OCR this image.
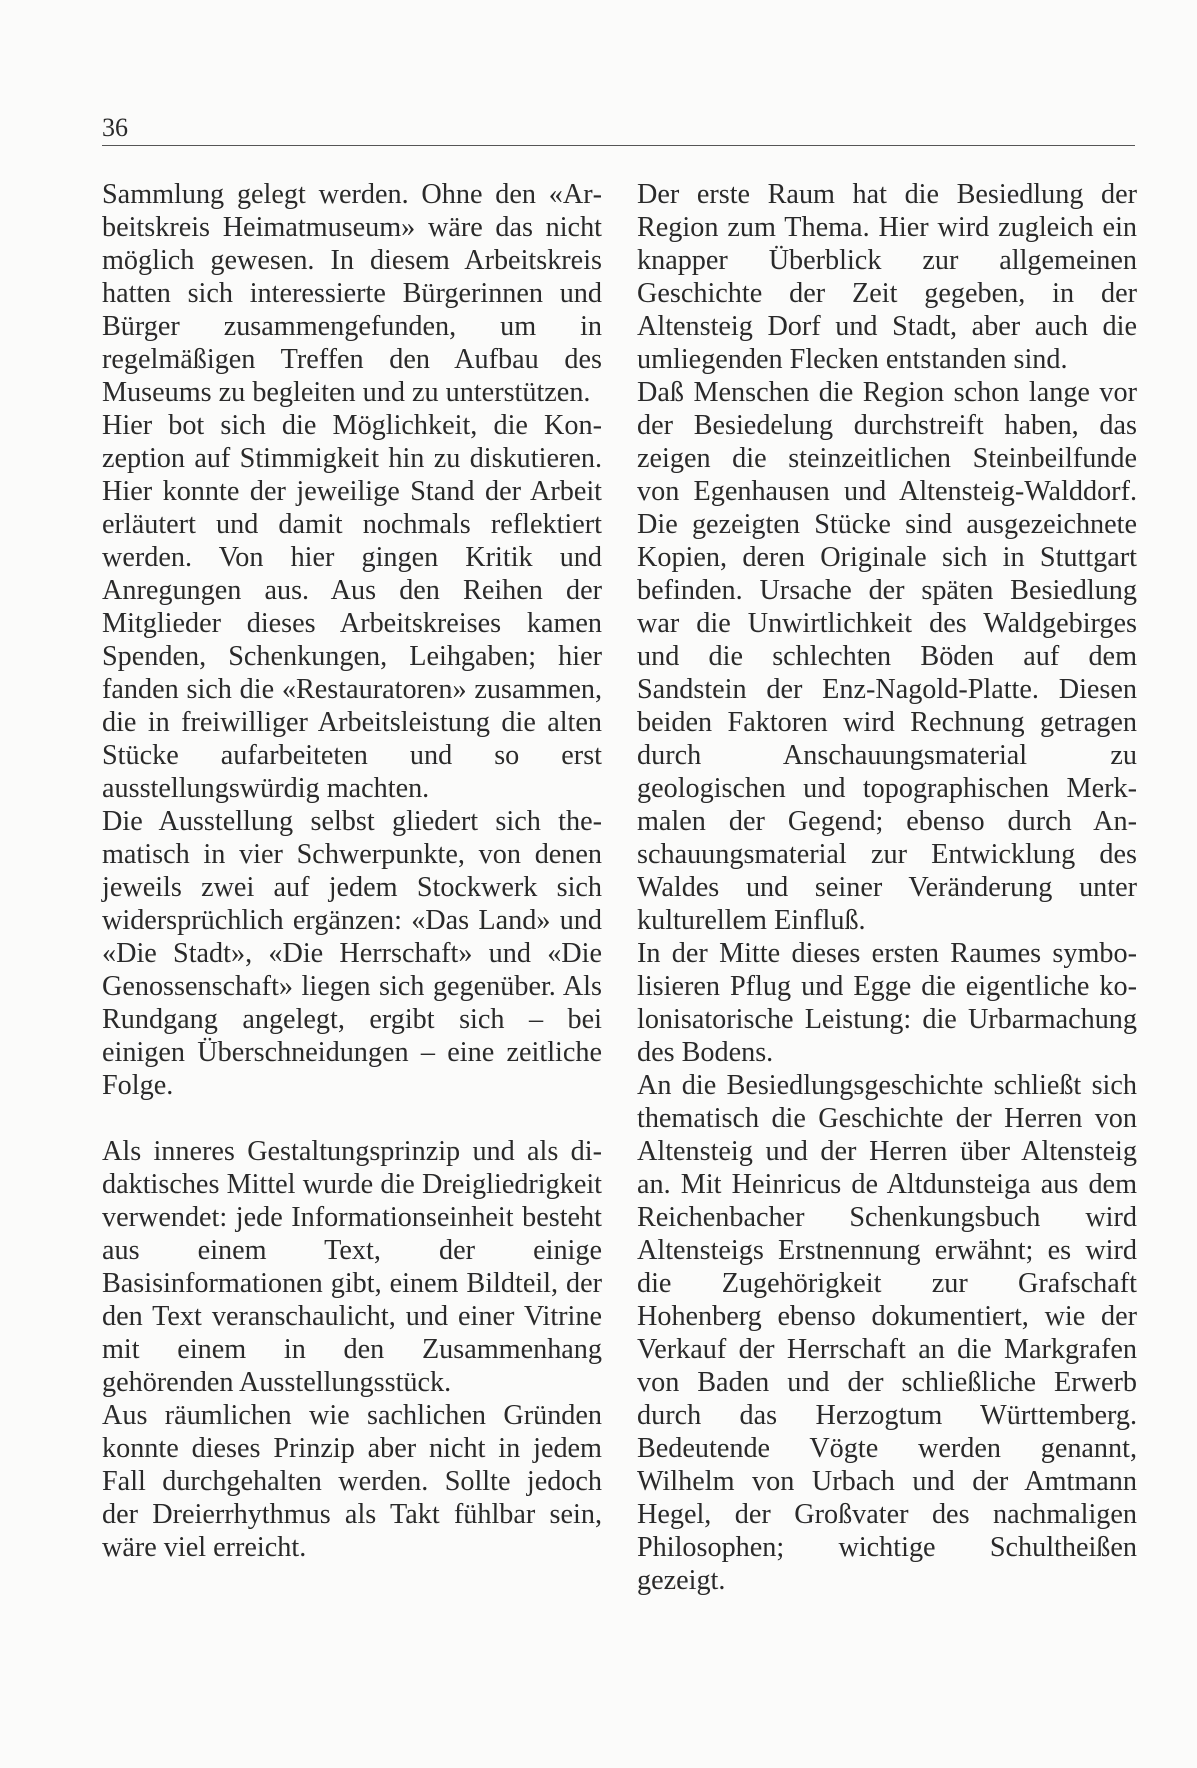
36

Sammlung gelegt werden. Ohne den «Arbeitskreis Heimatmuseum» wäre das nicht möglich gewesen. In diesem Arbeitskreis hatten sich interessierte Bürgerinnen und Bürger zusammengefunden, um in regelmäßigen Treffen den Aufbau des Museums zu begleiten und zu unterstützen.

Hier bot sich die Möglichkeit, die Konzeption auf Stimmigkeit hin zu diskutieren. Hier konnte der jeweilige Stand der Arbeit erläutert und damit nochmals reflektiert werden. Von hier gingen Kritik und Anregungen aus. Aus den Reihen der Mitglieder dieses Arbeitskreises kamen Spenden, Schenkungen, Leihgaben; hier fanden sich die «Restauratoren» zusammen, die in freiwilliger Arbeitsleistung die alten Stücke aufarbeiteten und so erst ausstellungswürdig machten.

Die Ausstellung selbst gliedert sich thematisch in vier Schwerpunkte, von denen jeweils zwei auf jedem Stockwerk sich widersprüchlich ergänzen: «Das Land» und «Die Stadt», «Die Herrschaft» und «Die Genossenschaft» liegen sich gegenüber. Als Rundgang angelegt, ergibt sich – bei einigen Überschneidungen – eine zeitliche Folge.

Als inneres Gestaltungsprinzip und als didaktisches Mittel wurde die Dreigliedrigkeit verwendet: jede Informationseinheit besteht aus einem Text, der einige Basisinformationen gibt, einem Bildteil, der den Text veranschaulicht, und einer Vitrine mit einem in den Zusammenhang gehörenden Ausstellungsstück.

Aus räumlichen wie sachlichen Gründen konnte dieses Prinzip aber nicht in jedem Fall durchgehalten werden. Sollte jedoch der Dreierrhythmus als Takt fühlbar sein, wäre viel erreicht.

Der erste Raum hat die Besiedlung der Region zum Thema. Hier wird zugleich ein knapper Überblick zur allgemeinen Geschichte der Zeit gegeben, in der Altensteig Dorf und Stadt, aber auch die umliegenden Flecken entstanden sind.

Daß Menschen die Region schon lange vor der Besiedelung durchstreift haben, das zeigen die steinzeitlichen Steinbeilfunde von Egenhausen und Altensteig-Walddorf. Die gezeigten Stücke sind ausgezeichnete Kopien, deren Originale sich in Stuttgart befinden. Ursache der späten Besiedlung war die Unwirtlichkeit des Waldgebirges und die schlechten Böden auf dem Sandstein der Enz-Nagold-Platte. Diesen beiden Faktoren wird Rechnung getragen durch Anschauungsmaterial zu geologischen und topographischen Merkmalen der Gegend; ebenso durch Anschauungsmaterial zur Entwicklung des Waldes und seiner Veränderung unter kulturellem Einfluß.

In der Mitte dieses ersten Raumes symbolisieren Pflug und Egge die eigentliche kolonisatorische Leistung: die Urbarmachung des Bodens.

An die Besiedlungsgeschichte schließt sich thematisch die Geschichte der Herren von Altensteig und der Herren über Altensteig an. Mit Heinricus de Altdunsteiga aus dem Reichenbacher Schenkungsbuch wird Altensteigs Erstnennung erwähnt; es wird die Zugehörigkeit zur Grafschaft Hohenberg ebenso dokumentiert, wie der Verkauf der Herrschaft an die Markgrafen von Baden und der schließliche Erwerb durch das Herzogtum Württemberg. Bedeutende Vögte werden genannt, Wilhelm von Urbach und der Amtmann Hegel, der Großvater des nachmaligen Philosophen; wichtige Schultheißen gezeigt.
